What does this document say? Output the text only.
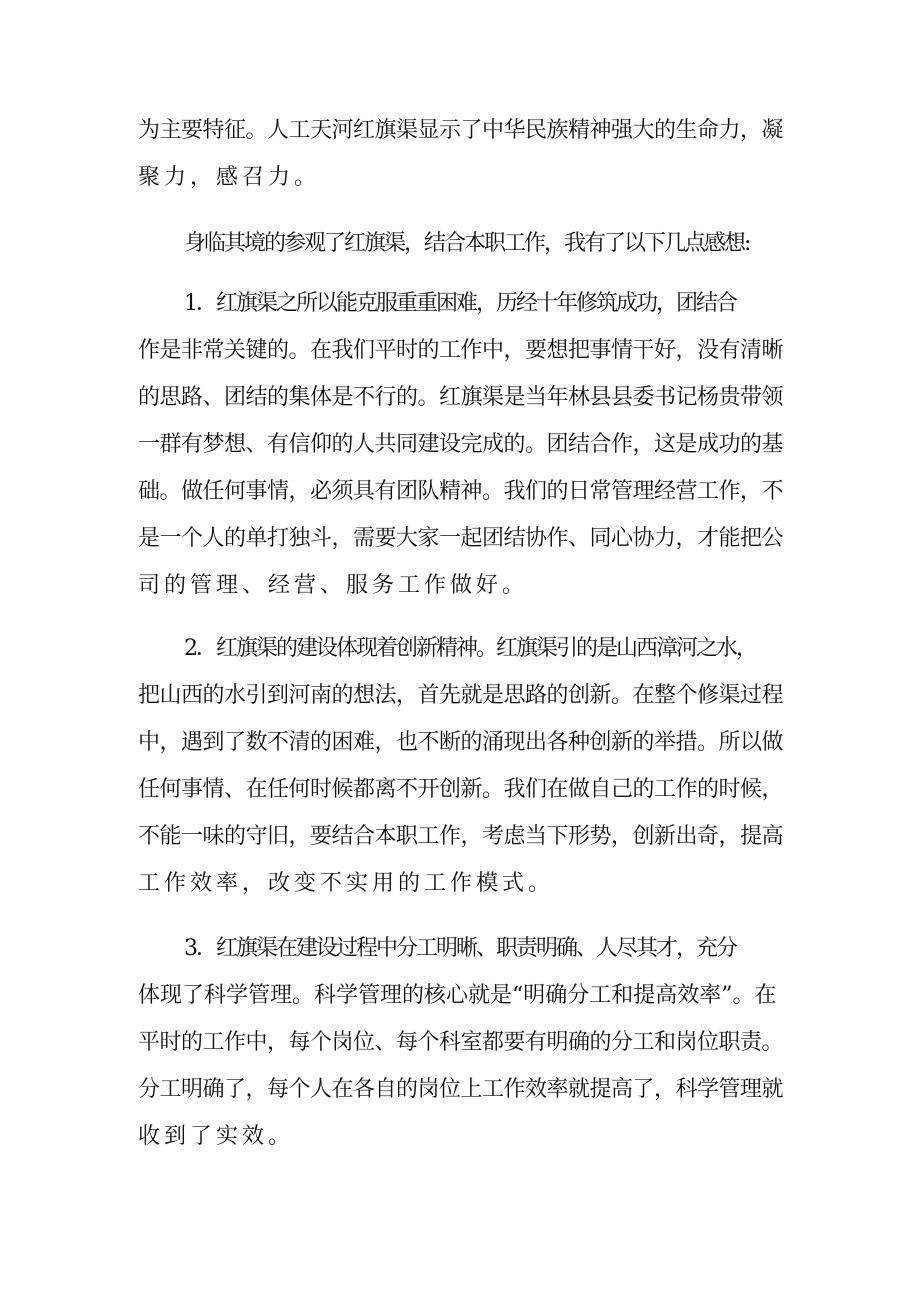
为主要特征。人工天河红旗渠显示了中华民族精神强大的生命力，凝
聚力，感召力。
身临其境的参观了红旗渠，结合本职工作，我有了以下几点感想:
1．红旗渠之所以能克服重重困难，历经十年修筑成功，团结合
作是非常关键的。在我们平时的工作中，要想把事情干好，没有清晰
的思路、团结的集体是不行的。红旗渠是当年林县县委书记杨贵带领
一群有梦想、有信仰的人共同建设完成的。团结合作，这是成功的基
础。做任何事情，必须具有团队精神。我们的日常管理经营工作，不
是一个人的单打独斗，需要大家一起团结协作、同心协力，才能把公
司的管理、经营、服务工作做好。
2．红旗渠的建设体现着创新精神。红旗渠引的是山西漳河之水，
把山西的水引到河南的想法，首先就是思路的创新。在整个修渠过程
中，遇到了数不清的困难，也不断的涌现出各种创新的举措。所以做
任何事情、在任何时候都离不开创新。我们在做自己的工作的时候，
不能一味的守旧，要结合本职工作，考虑当下形势，创新出奇，提高
工作效率，改变不实用的工作模式。
3．红旗渠在建设过程中分工明晰、职责明确、人尽其才，充分
体现了科学管理。科学管理的核心就是“明确分工和提高效率”。在
平时的工作中，每个岗位、每个科室都要有明确的分工和岗位职责。
分工明确了，每个人在各自的岗位上工作效率就提高了，科学管理就
收到了实效。
